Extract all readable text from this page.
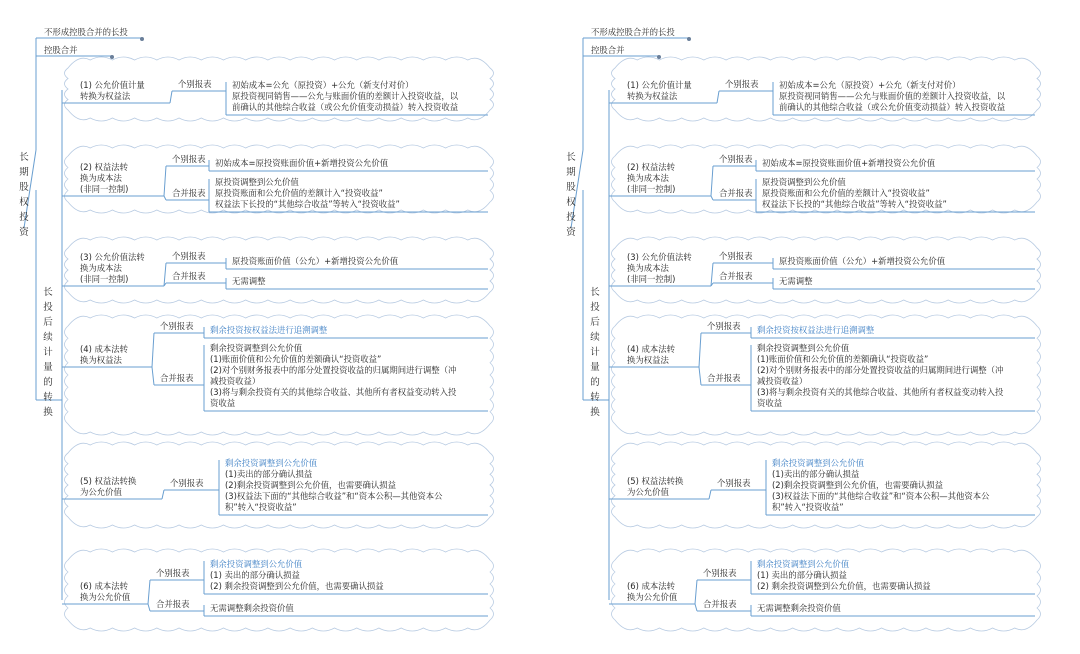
不形成控股合并的长投
控股合并
长期股权投资
长投后续计量的转换
(1) 公允价值计量
转换为权益法
个别报表 初始成本=公允（原投资）+公允（新支付对价）
原投资视同销售——公允与账面价值的差额计入投资收益，以
前确认的其他综合收益（或公允价值变动损益）转入投资收益
(2) 权益法转
换为成本法
(非同一控制)
个别报表 初始成本=原投资账面价值+新增投资公允价值
合并报表
原投资调整到公允价值
原投资账面和公允价值的差额计入“投资收益”
权益法下长投的“其他综合收益”等转入“投资收益”
(3) 公允价值法转
换为成本法
(非同一控制)
个别报表	原投资账面价值（公允）+新增投资公允价值
合并报表	无需调整
(4) 成本法转
换为权益法
个别报表 剩余投资按权益法进行追溯调整
合并报表
剩余投资调整到公允价值
(1)账面价值和公允价值的差额确认“投资收益”
(2)对个别财务报表中的部分处置投资收益的归属期间进行调整（冲
减投资收益）
(3)将与剩余投资有关的其他综合收益、其他所有者权益变动转入投
资收益
(5) 权益法转换
为公允价值
个别报表
剩余投资调整到公允价值
(1)卖出的部分确认损益
(2)剩余投资调整到公允价值，也需要确认损益
(3)权益法下面的“其他综合收益”和“资本公积—其他资本公
积”转入“投资收益”
(6) 成本法转
换为公允价值
个别报表
剩余投资调整到公允价值
(1) 卖出的部分确认损益
(2) 剩余投资调整到公允价值，也需要确认损益
合并报表 无需调整剩余投资价值
不形成控股合并的长投
控股合并
长期股权投资
长投后续计量的转换
(1) 公允价值计量
转换为权益法
个别报表 初始成本=公允（原投资）+公允（新支付对价）
原投资视同销售——公允与账面价值的差额计入投资收益，以
前确认的其他综合收益（或公允价值变动损益）转入投资收益
(2) 权益法转
换为成本法
(非同一控制)
个别报表 初始成本=原投资账面价值+新增投资公允价值
合并报表
原投资调整到公允价值
原投资账面和公允价值的差额计入“投资收益”
权益法下长投的“其他综合收益”等转入“投资收益”
(3) 公允价值法转
换为成本法
(非同一控制)
个别报表	原投资账面价值（公允）+新增投资公允价值
合并报表	无需调整
(4) 成本法转
换为权益法
个别报表 剩余投资按权益法进行追溯调整
合并报表
剩余投资调整到公允价值
(1)账面价值和公允价值的差额确认“投资收益”
(2)对个别财务报表中的部分处置投资收益的归属期间进行调整（冲
减投资收益）
(3)将与剩余投资有关的其他综合收益、其他所有者权益变动转入投
资收益
(5) 权益法转换
为公允价值
个别报表
剩余投资调整到公允价值
(1)卖出的部分确认损益
(2)剩余投资调整到公允价值，也需要确认损益
(3)权益法下面的“其他综合收益”和“资本公积—其他资本公
积”转入“投资收益”
(6) 成本法转
换为公允价值
个别报表
剩余投资调整到公允价值
(1) 卖出的部分确认损益
(2) 剩余投资调整到公允价值，也需要确认损益
合并报表 无需调整剩余投资价值
